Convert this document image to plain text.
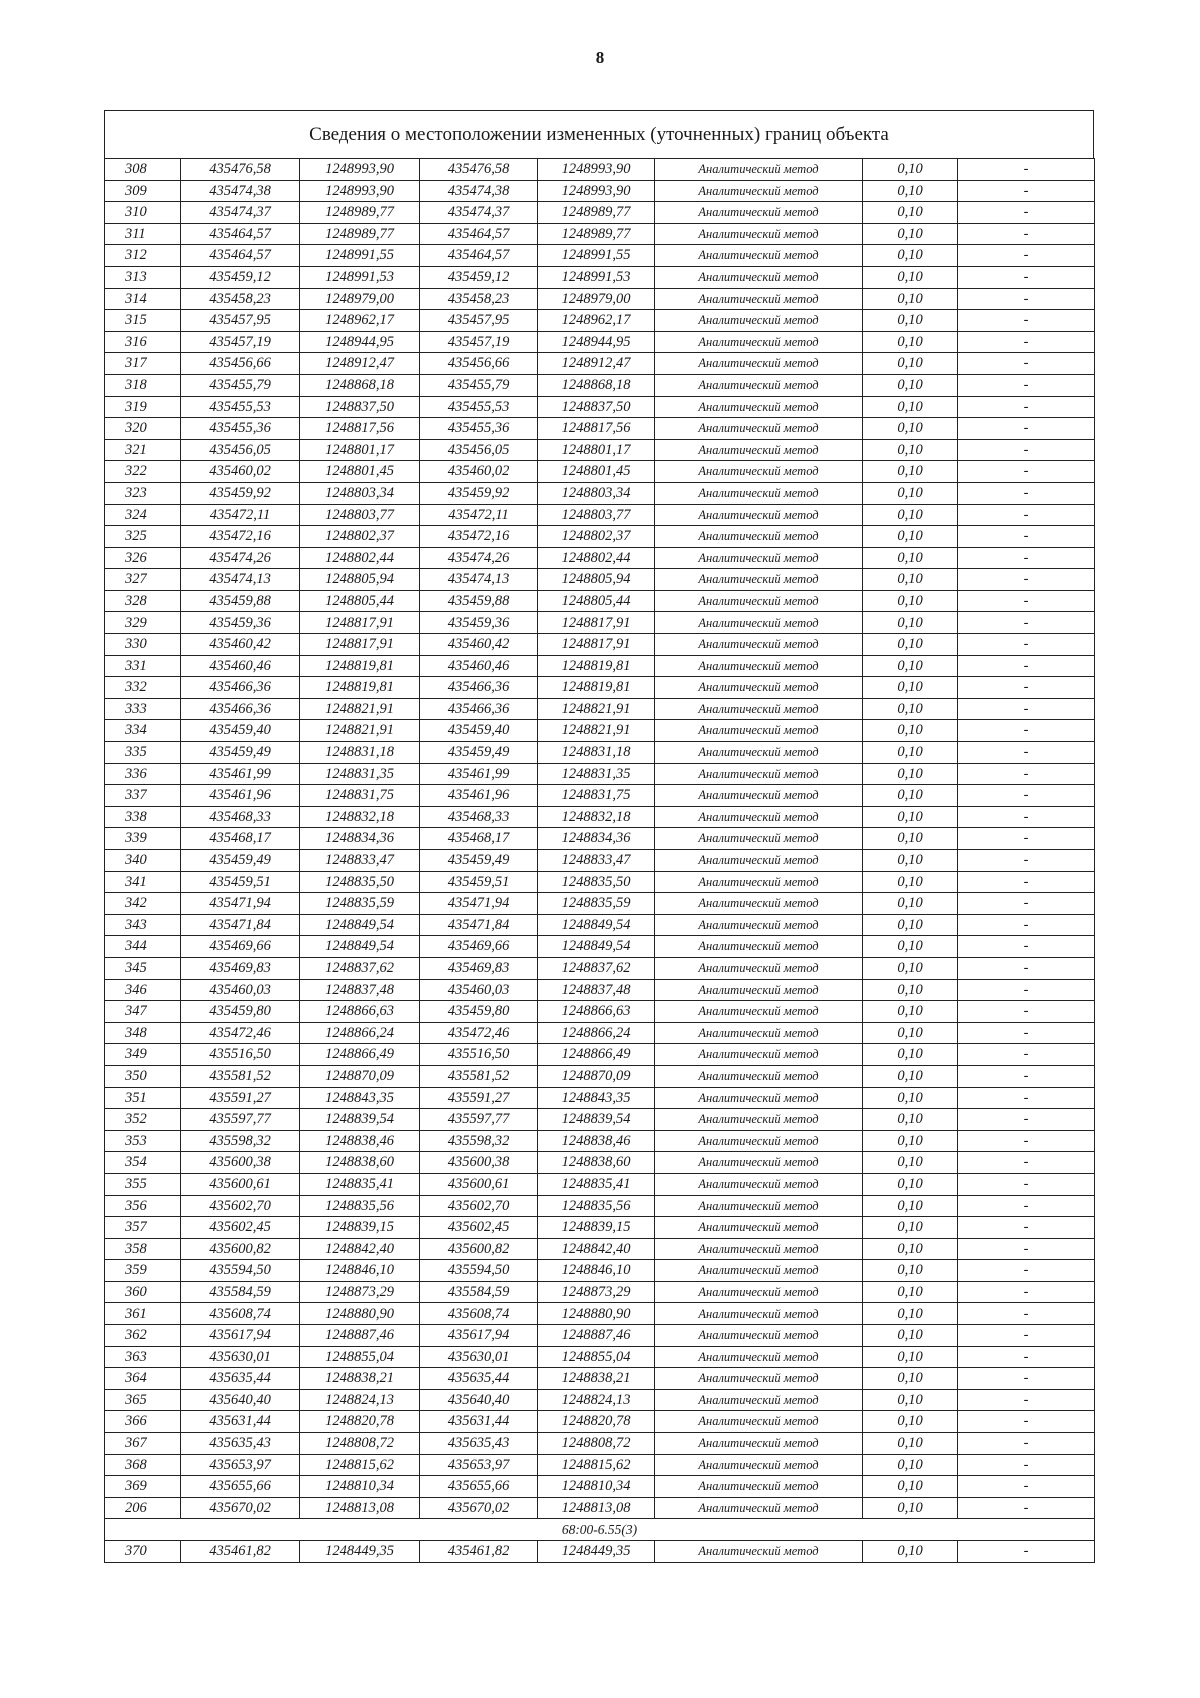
8
Сведения о местоположении измененных (уточненных) границ объекта
308	435476,58	1248993,90	435476,58	1248993,90	Аналитический метод	0,10	-
309	435474,38	1248993,90	435474,38	1248993,90	Аналитический метод	0,10	-
310	435474,37	1248989,77	435474,37	1248989,77	Аналитический метод	0,10	-
311	435464,57	1248989,77	435464,57	1248989,77	Аналитический метод	0,10	-
312	435464,57	1248991,55	435464,57	1248991,55	Аналитический метод	0,10	-
313	435459,12	1248991,53	435459,12	1248991,53	Аналитический метод	0,10	-
314	435458,23	1248979,00	435458,23	1248979,00	Аналитический метод	0,10	-
315	435457,95	1248962,17	435457,95	1248962,17	Аналитический метод	0,10	-
316	435457,19	1248944,95	435457,19	1248944,95	Аналитический метод	0,10	-
317	435456,66	1248912,47	435456,66	1248912,47	Аналитический метод	0,10	-
318	435455,79	1248868,18	435455,79	1248868,18	Аналитический метод	0,10	-
319	435455,53	1248837,50	435455,53	1248837,50	Аналитический метод	0,10	-
320	435455,36	1248817,56	435455,36	1248817,56	Аналитический метод	0,10	-
321	435456,05	1248801,17	435456,05	1248801,17	Аналитический метод	0,10	-
322	435460,02	1248801,45	435460,02	1248801,45	Аналитический метод	0,10	-
323	435459,92	1248803,34	435459,92	1248803,34	Аналитический метод	0,10	-
324	435472,11	1248803,77	435472,11	1248803,77	Аналитический метод	0,10	-
325	435472,16	1248802,37	435472,16	1248802,37	Аналитический метод	0,10	-
326	435474,26	1248802,44	435474,26	1248802,44	Аналитический метод	0,10	-
327	435474,13	1248805,94	435474,13	1248805,94	Аналитический метод	0,10	-
328	435459,88	1248805,44	435459,88	1248805,44	Аналитический метод	0,10	-
329	435459,36	1248817,91	435459,36	1248817,91	Аналитический метод	0,10	-
330	435460,42	1248817,91	435460,42	1248817,91	Аналитический метод	0,10	-
331	435460,46	1248819,81	435460,46	1248819,81	Аналитический метод	0,10	-
332	435466,36	1248819,81	435466,36	1248819,81	Аналитический метод	0,10	-
333	435466,36	1248821,91	435466,36	1248821,91	Аналитический метод	0,10	-
334	435459,40	1248821,91	435459,40	1248821,91	Аналитический метод	0,10	-
335	435459,49	1248831,18	435459,49	1248831,18	Аналитический метод	0,10	-
336	435461,99	1248831,35	435461,99	1248831,35	Аналитический метод	0,10	-
337	435461,96	1248831,75	435461,96	1248831,75	Аналитический метод	0,10	-
338	435468,33	1248832,18	435468,33	1248832,18	Аналитический метод	0,10	-
339	435468,17	1248834,36	435468,17	1248834,36	Аналитический метод	0,10	-
340	435459,49	1248833,47	435459,49	1248833,47	Аналитический метод	0,10	-
341	435459,51	1248835,50	435459,51	1248835,50	Аналитический метод	0,10	-
342	435471,94	1248835,59	435471,94	1248835,59	Аналитический метод	0,10	-
343	435471,84	1248849,54	435471,84	1248849,54	Аналитический метод	0,10	-
344	435469,66	1248849,54	435469,66	1248849,54	Аналитический метод	0,10	-
345	435469,83	1248837,62	435469,83	1248837,62	Аналитический метод	0,10	-
346	435460,03	1248837,48	435460,03	1248837,48	Аналитический метод	0,10	-
347	435459,80	1248866,63	435459,80	1248866,63	Аналитический метод	0,10	-
348	435472,46	1248866,24	435472,46	1248866,24	Аналитический метод	0,10	-
349	435516,50	1248866,49	435516,50	1248866,49	Аналитический метод	0,10	-
350	435581,52	1248870,09	435581,52	1248870,09	Аналитический метод	0,10	-
351	435591,27	1248843,35	435591,27	1248843,35	Аналитический метод	0,10	-
352	435597,77	1248839,54	435597,77	1248839,54	Аналитический метод	0,10	-
353	435598,32	1248838,46	435598,32	1248838,46	Аналитический метод	0,10	-
354	435600,38	1248838,60	435600,38	1248838,60	Аналитический метод	0,10	-
355	435600,61	1248835,41	435600,61	1248835,41	Аналитический метод	0,10	-
356	435602,70	1248835,56	435602,70	1248835,56	Аналитический метод	0,10	-
357	435602,45	1248839,15	435602,45	1248839,15	Аналитический метод	0,10	-
358	435600,82	1248842,40	435600,82	1248842,40	Аналитический метод	0,10	-
359	435594,50	1248846,10	435594,50	1248846,10	Аналитический метод	0,10	-
360	435584,59	1248873,29	435584,59	1248873,29	Аналитический метод	0,10	-
361	435608,74	1248880,90	435608,74	1248880,90	Аналитический метод	0,10	-
362	435617,94	1248887,46	435617,94	1248887,46	Аналитический метод	0,10	-
363	435630,01	1248855,04	435630,01	1248855,04	Аналитический метод	0,10	-
364	435635,44	1248838,21	435635,44	1248838,21	Аналитический метод	0,10	-
365	435640,40	1248824,13	435640,40	1248824,13	Аналитический метод	0,10	-
366	435631,44	1248820,78	435631,44	1248820,78	Аналитический метод	0,10	-
367	435635,43	1248808,72	435635,43	1248808,72	Аналитический метод	0,10	-
368	435653,97	1248815,62	435653,97	1248815,62	Аналитический метод	0,10	-
369	435655,66	1248810,34	435655,66	1248810,34	Аналитический метод	0,10	-
206	435670,02	1248813,08	435670,02	1248813,08	Аналитический метод	0,10	-
68:00-6.55(3)							
370	435461,82	1248449,35	435461,82	1248449,35	Аналитический метод	0,10	-
